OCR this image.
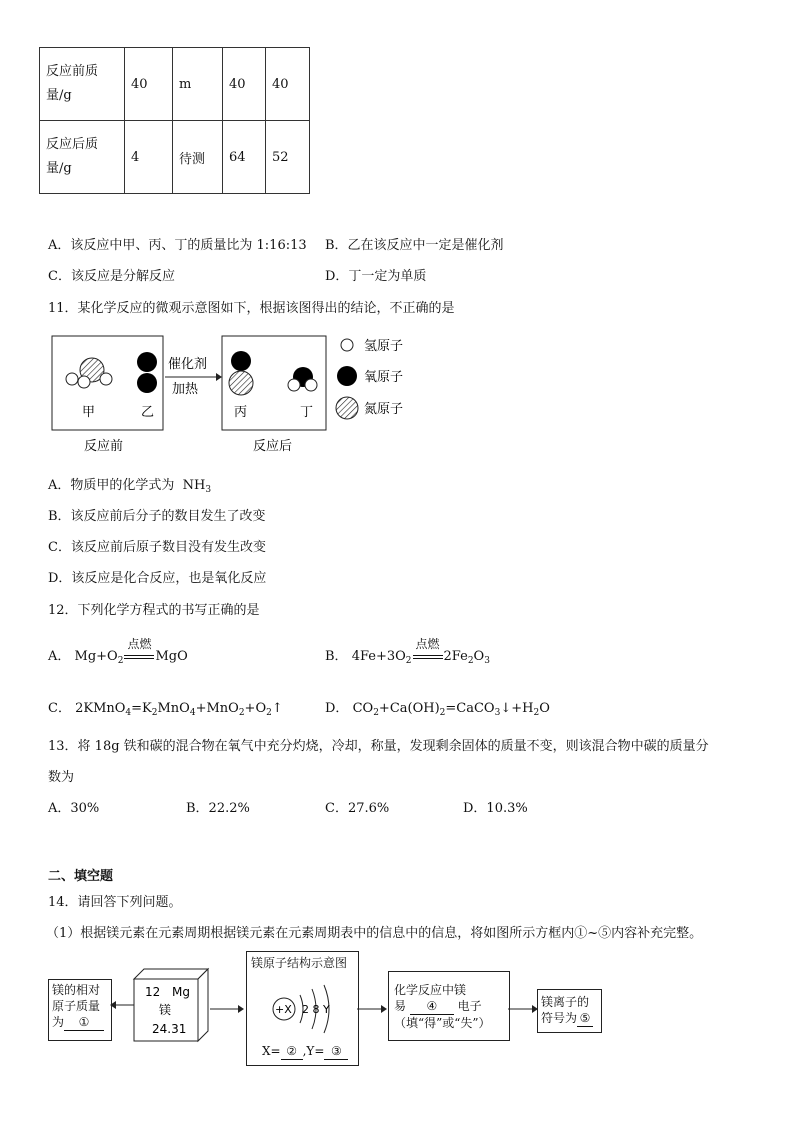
反应前质
量/g	40	m	40	40
反应后质
量/g	4	待测	64	52
A．该反应中甲、丙、丁的质量比为 1:16:13 B．乙在该反应中一定是催化剂
C．该反应是分解反应	D．丁一定为单质
11．某化学反应的微观示意图如下，根据该图得出的结论，不正确的是
甲	乙
反应前
催化剂
加热
丙	丁
反应后
氢原子
氧原子
氮原子
A．物质甲的化学式为 $NH_3$
B．该反应前后分子的数目发生了改变
C．该反应前后原子数目没有发生改变
D．该反应是化合反应，也是氧化反应
12．下列化学方程式的书写正确的是
A． $Mg+O_2$
点燃
MgO	B． $4Fe+3O_2$
点燃
$2Fe_2O_3$
C． $2KMnO_4=K_2MnO_4+MnO_2+O_2↑$	D． $CO_2+Ca(OH)_2=CaCO_3↓+H_2O$
13．将 18g 铁和碳的混合物在氧气中充分灼烧，冷却，称量，发现剩余固体的质量不变，则该混合物中碳的质量分
数为
A．30%	B．22.2%	C．27.6%	D．10.3%
二、填空题
14．请回答下列问题。
（1）根据镁元素在元素周期根据镁元素在元素周期表中的信息中的信息，将如图所示方框内①~⑤内容补充完整。
镁的相对
原子质量
为 ①
12 Mg
镁
24.31
镁原子结构示意图
+X 2 8 Y
X= ② ,Y= ③
化学反应中镁
易 ④ 电子
（填“得”或“失”）
镁离子的
符号为 ⑤
